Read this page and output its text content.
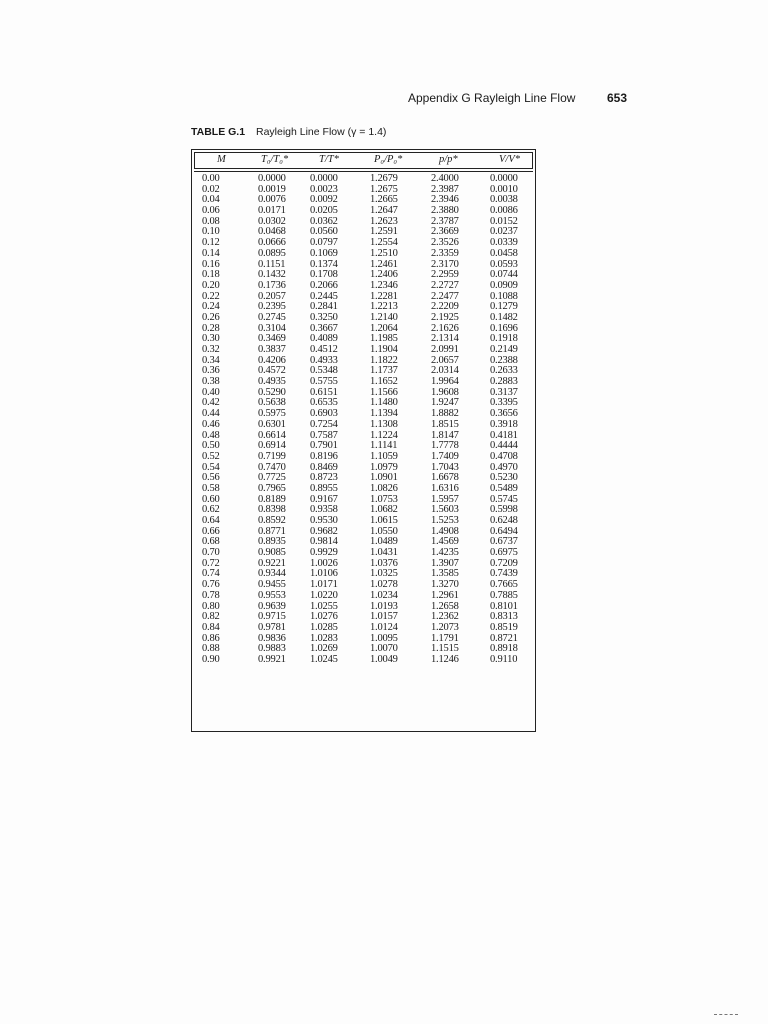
Appendix G Rayleigh Line Flow	653
TABLE G.1 Rayleigh Line Flow (γ = 1.4)
M	T₀/T₀*	T/T*	P₀/P₀*	p/p*	V/V*
0.00	0.0000 0.0000	1.2679	2.4000	0.0000
0.02	0.0019 0.0023	1.2675	2.3987	0.0010
0.04	0.0076 0.0092	1.2665	2.3946	0.0038
0.06	0.0171 0.0205	1.2647	2.3880	0.0086
0.08	0.0302 0.0362	1.2623	2.3787	0.0152
0.10	0.0468 0.0560	1.2591	2.3669	0.0237
0.12	0.0666 0.0797	1.2554	2.3526	0.0339
0.14	0.0895 0.1069	1.2510	2.3359	0.0458
0.16	0.1151 0.1374	1.2461	2.3170	0.0593
0.18	0.1432 0.1708	1.2406	2.2959	0.0744
0.20	0.1736 0.2066	1.2346	2.2727	0.0909
0.22	0.2057 0.2445	1.2281	2.2477	0.1088
0.24	0.2395 0.2841	1.2213	2.2209	0.1279
0.26	0.2745 0.3250	1.2140	2.1925	0.1482
0.28	0.3104 0.3667	1.2064	2.1626	0.1696
0.30	0.3469 0.4089	1.1985	2.1314	0.1918
0.32	0.3837 0.4512	1.1904	2.0991	0.2149
0.34	0.4206 0.4933	1.1822	2.0657	0.2388
0.36	0.4572 0.5348	1.1737	2.0314	0.2633
0.38	0.4935 0.5755	1.1652	1.9964	0.2883
0.40	0.5290 0.6151	1.1566	1.9608	0.3137
0.42	0.5638 0.6535	1.1480	1.9247	0.3395
0.44	0.5975 0.6903	1.1394	1.8882	0.3656
0.46	0.6301 0.7254	1.1308	1.8515	0.3918
0.48	0.6614 0.7587	1.1224	1.8147	0.4181
0.50	0.6914 0.7901	1.1141	1.7778	0.4444
0.52	0.7199 0.8196	1.1059	1.7409	0.4708
0.54	0.7470 0.8469	1.0979	1.7043	0.4970
0.56	0.7725 0.8723	1.0901	1.6678	0.5230
0.58	0.7965 0.8955	1.0826	1.6316	0.5489
0.60	0.8189 0.9167	1.0753	1.5957	0.5745
0.62	0.8398 0.9358	1.0682	1.5603	0.5998
0.64	0.8592 0.9530	1.0615	1.5253	0.6248
0.66	0.8771 0.9682	1.0550	1.4908	0.6494
0.68	0.8935 0.9814	1.0489	1.4569	0.6737
0.70	0.9085 0.9929	1.0431	1.4235	0.6975
0.72	0.9221 1.0026	1.0376	1.3907	0.7209
0.74	0.9344 1.0106	1.0325	1.3585	0.7439
0.76	0.9455 1.0171	1.0278	1.3270	0.7665
0.78	0.9553 1.0220	1.0234	1.2961	0.7885
0.80	0.9639 1.0255	1.0193	1.2658	0.8101
0.82	0.9715 1.0276	1.0157	1.2362	0.8313
0.84	0.9781 1.0285	1.0124	1.2073	0.8519
0.86	0.9836 1.0283	1.0095	1.1791	0.8721
0.88	0.9883 1.0269	1.0070	1.1515	0.8918
0.90	0.9921 1.0245	1.0049	1.1246	0.9110
